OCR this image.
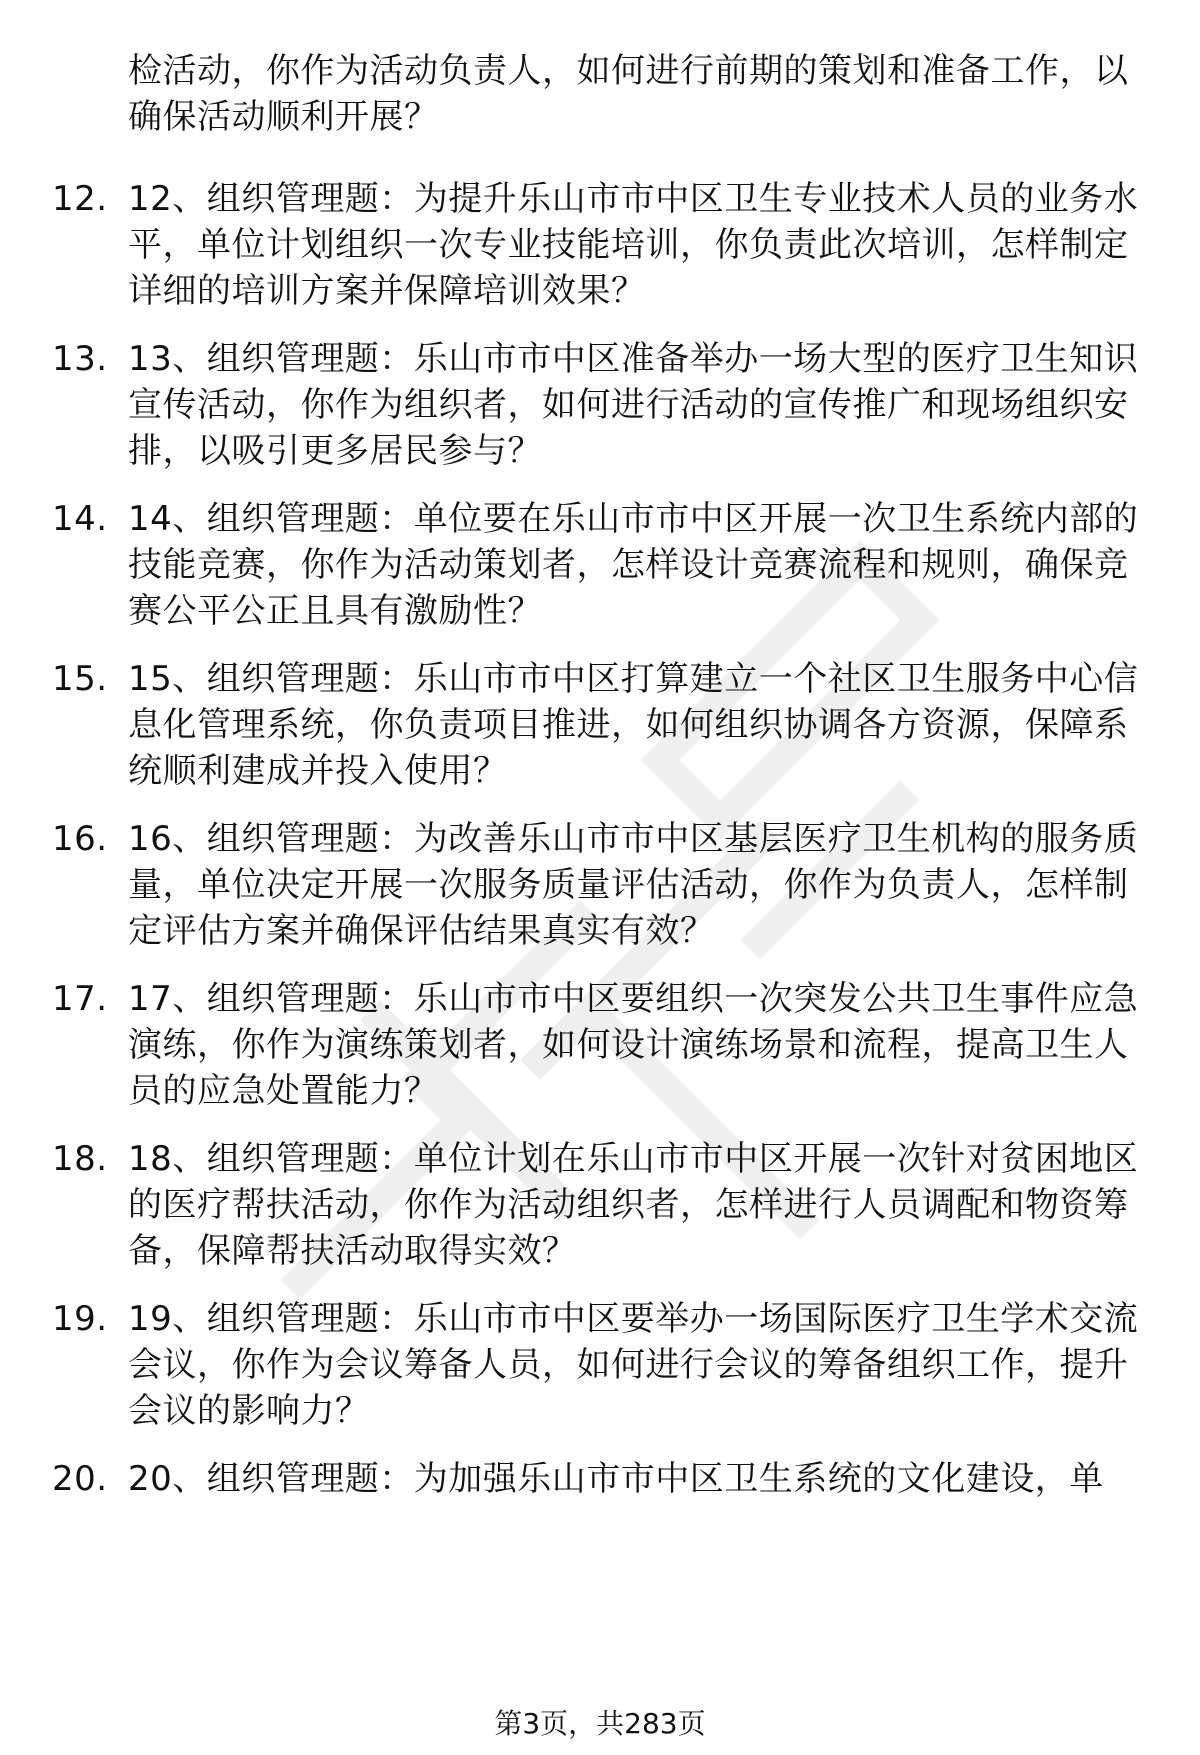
检活动，你作为活动负责人，如何进行前期的策划和准备工作，以确保活动顺利开展？
12. 12、组织管理题：为提升乐山市市中区卫生专业技术人员的业务水平，单位计划组织一次专业技能培训，你负责此次培训，怎样制定详细的培训方案并保障培训效果？
13. 13、组织管理题：乐山市市中区准备举办一场大型的医疗卫生知识宣传活动，你作为组织者，如何进行活动的宣传推广和现场组织安排，以吸引更多居民参与？
14. 14、组织管理题：单位要在乐山市市中区开展一次卫生系统内部的技能竞赛，你作为活动策划者，怎样设计竞赛流程和规则，确保竞赛公平公正且具有激励性？
15. 15、组织管理题：乐山市市中区打算建立一个社区卫生服务中心信息化管理系统，你负责项目推进，如何组织协调各方资源，保障系统顺利建成并投入使用？
16. 16、组织管理题：为改善乐山市市中区基层医疗卫生机构的服务质量，单位决定开展一次服务质量评估活动，你作为负责人，怎样制定评估方案并确保评估结果真实有效？
17. 17、组织管理题：乐山市市中区要组织一次突发公共卫生事件应急演练，你作为演练策划者，如何设计演练场景和流程，提高卫生人员的应急处置能力？
18. 18、组织管理题：单位计划在乐山市市中区开展一次针对贫困地区的医疗帮扶活动，你作为活动组织者，怎样进行人员调配和物资筹备，保障帮扶活动取得实效？
19. 19、组织管理题：乐山市市中区要举办一场国际医疗卫生学术交流会议，你作为会议筹备人员，如何进行会议的筹备组织工作，提升会议的影响力？
20. 20、组织管理题：为加强乐山市市中区卫生系统的文化建设，单
第3页，共283页
